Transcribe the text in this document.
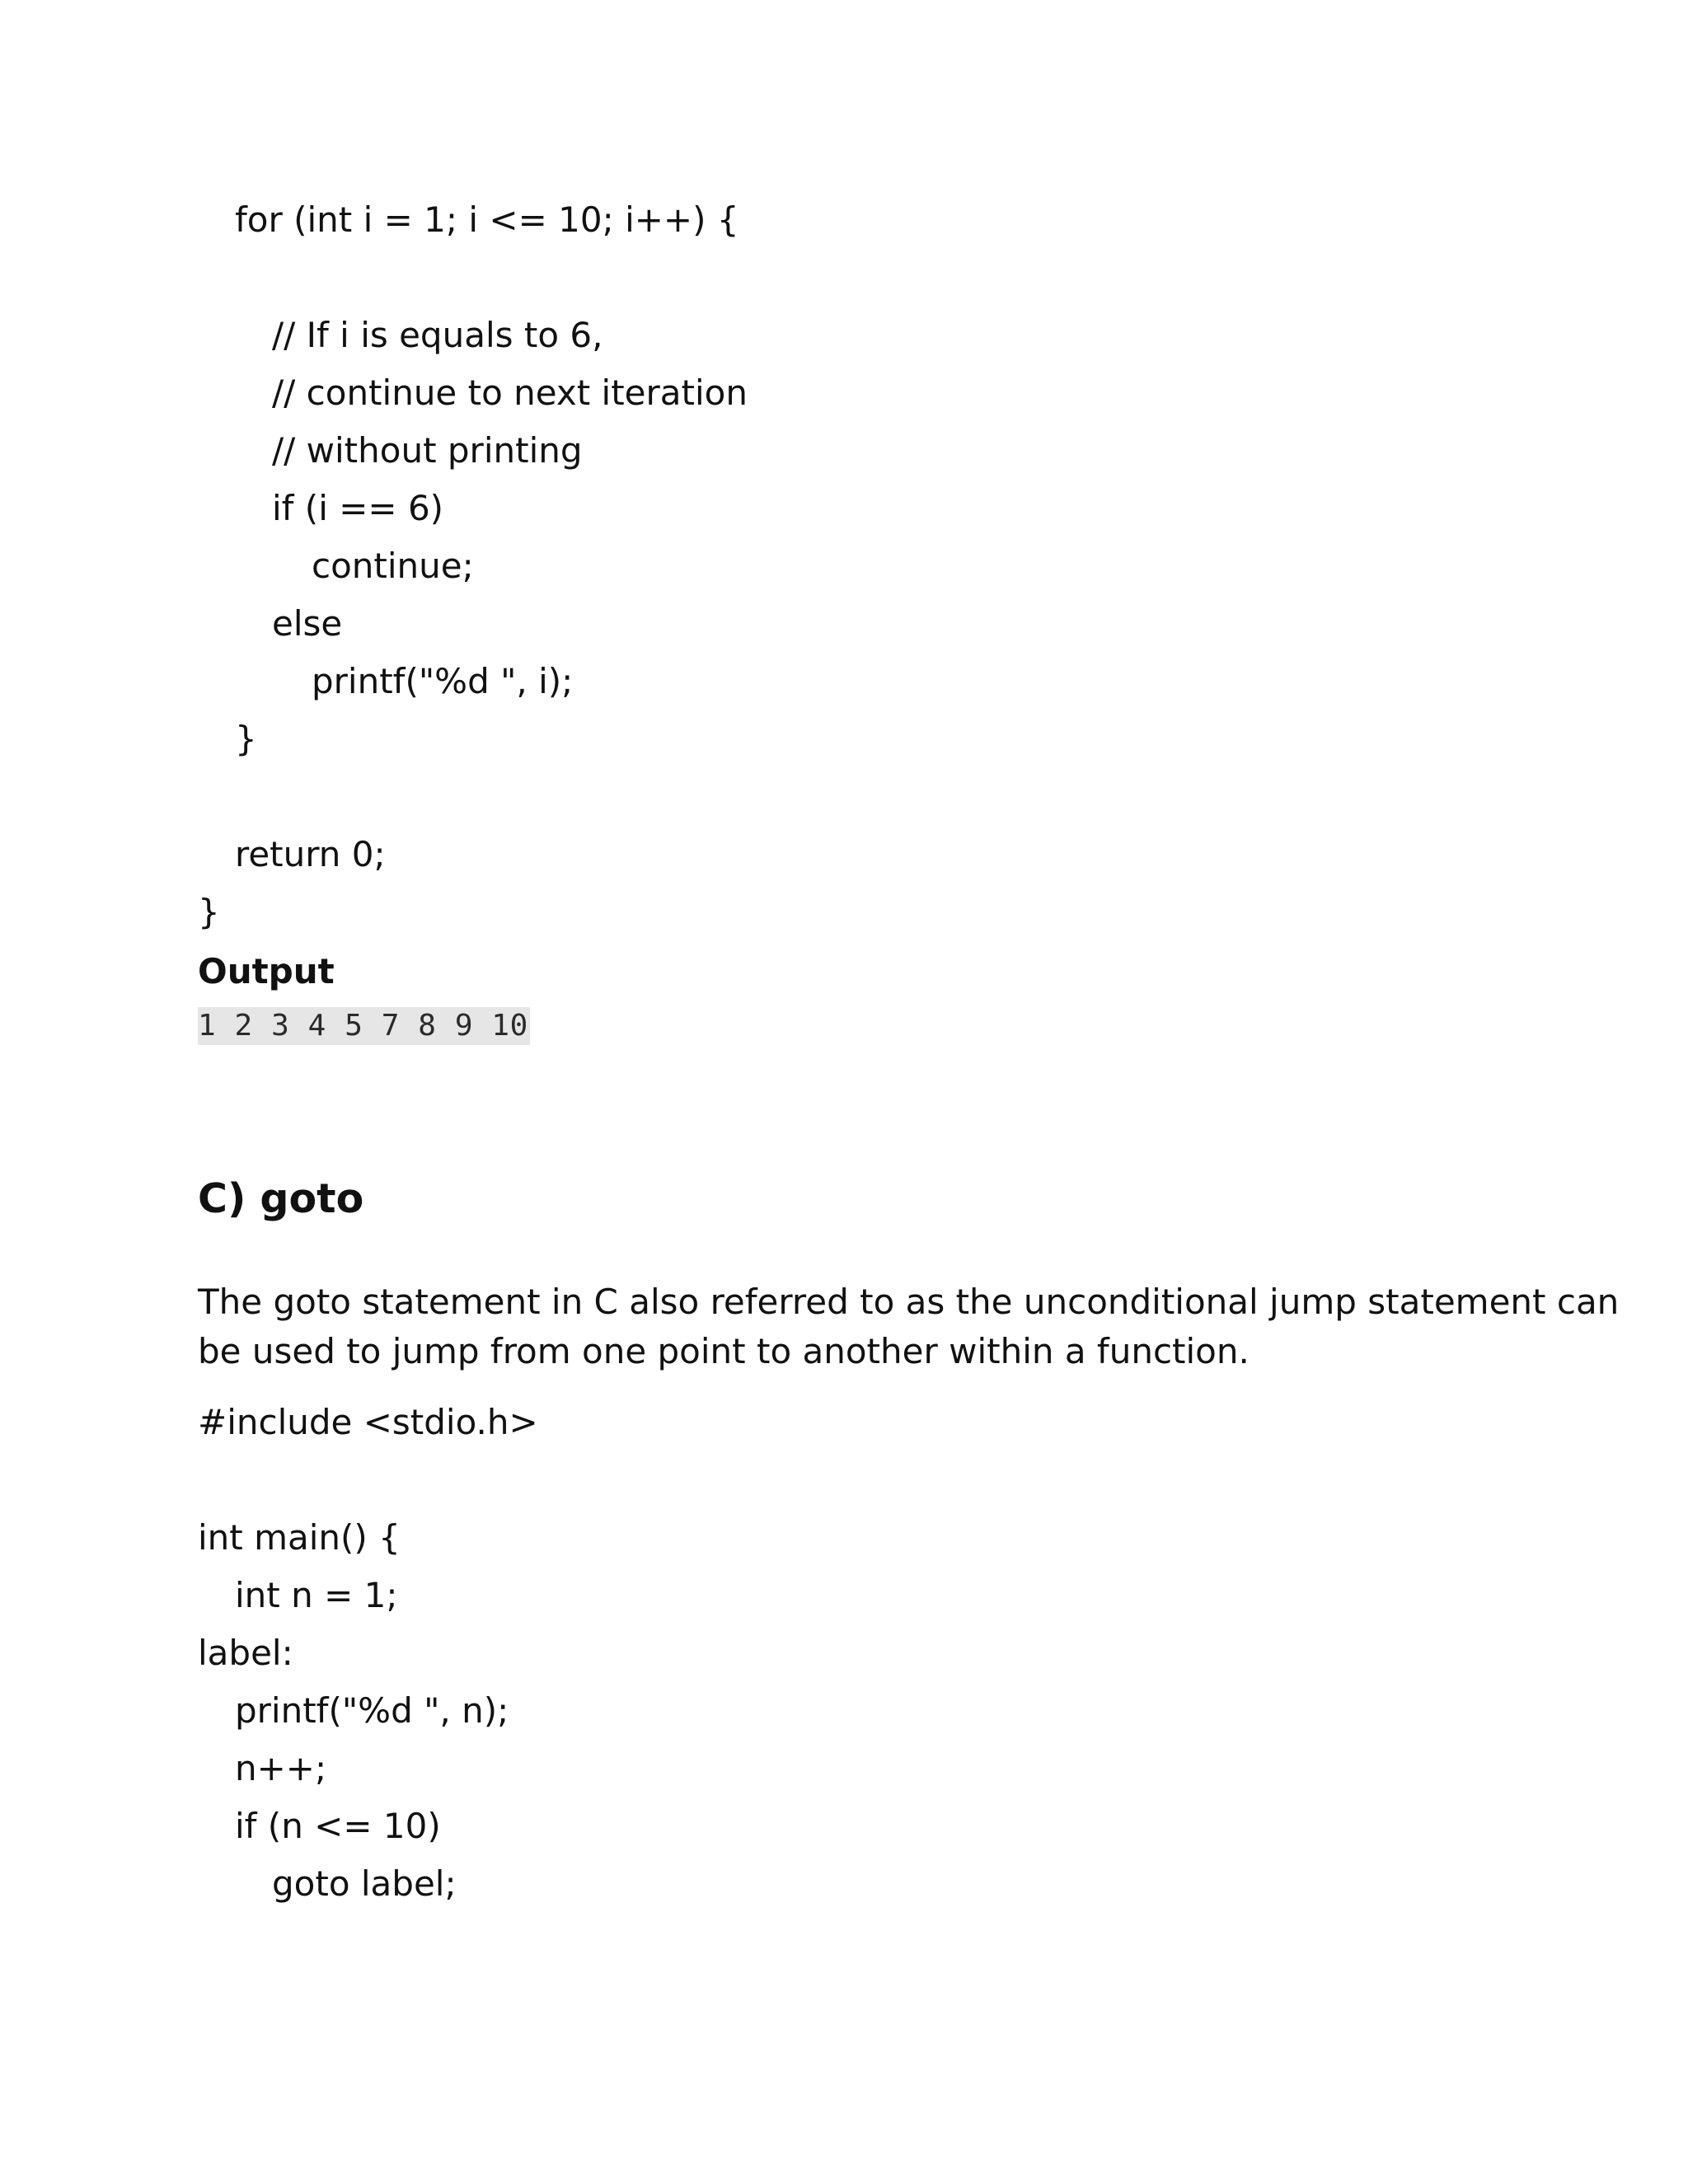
for (int i = 1; i <= 10; i++) {
// If i is equals to 6,
// continue to next iteration
// without printing
if (i == 6)
continue;
else
printf("%d ", i);
}
return 0;
}
Output
1 2 3 4 5 7 8 9 10
C) goto
The goto statement in C also referred to as the unconditional jump statement can be used to jump from one point to another within a function.
#include <stdio.h>
int main() {
int n = 1;
label:
printf("%d ", n);
n++;
if (n <= 10)
goto label;
